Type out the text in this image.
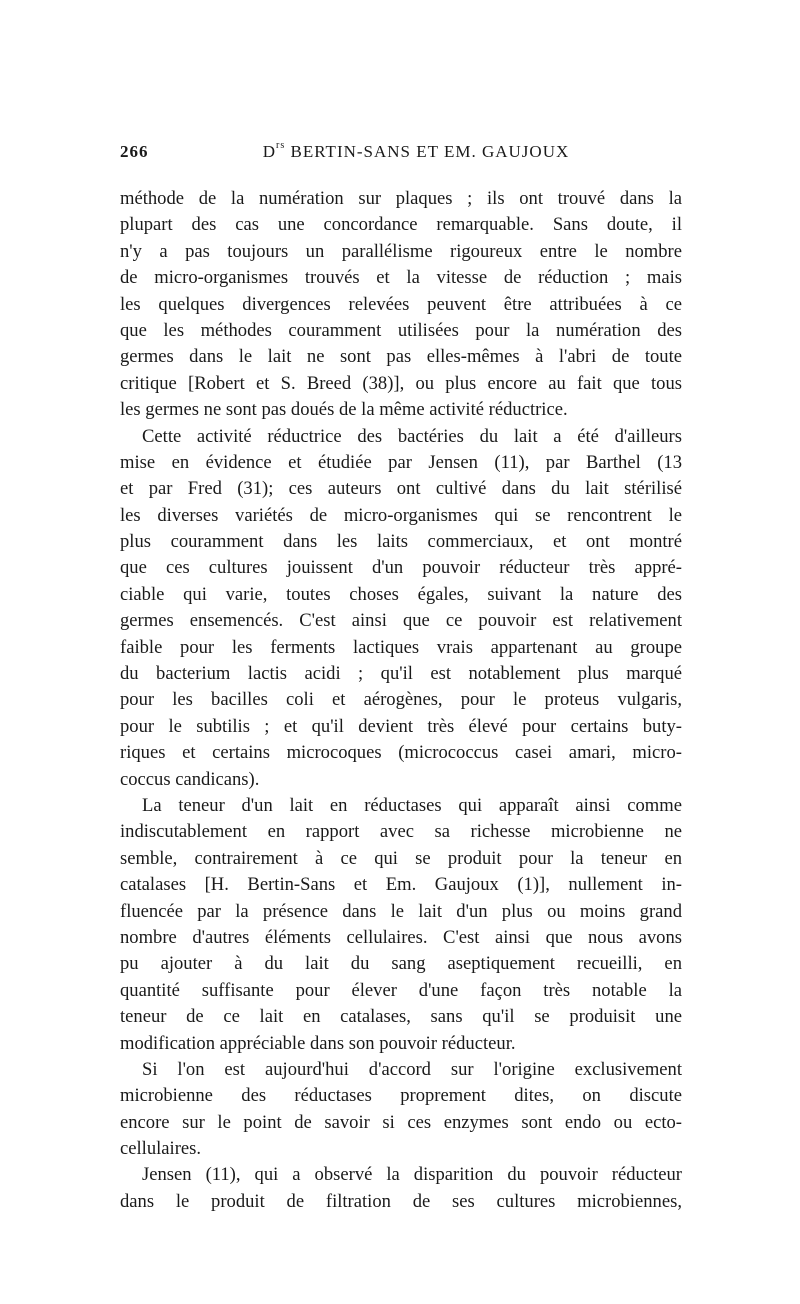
266	$D^{rs}$ BERTIN-SANS ET EM. GAUJOUX
méthode de la numération sur plaques ; ils ont trouvé dans la
plupart des cas une concordance remarquable. Sans doute, il
n'y a pas toujours un parallélisme rigoureux entre le nombre
de micro-organismes trouvés et la vitesse de réduction ; mais
les quelques divergences relevées peuvent être attribuées à ce
que les méthodes couramment utilisées pour la numération des
germes dans le lait ne sont pas elles-mêmes à l'abri de toute
critique [Robert et S. Breed (38)], ou plus encore au fait que tous
les germes ne sont pas doués de la même activité réductrice.
Cette activité réductrice des bactéries du lait a été d'ailleurs
mise en évidence et étudiée par Jensen (11), par Barthel (13
et par Fred (31); ces auteurs ont cultivé dans du lait stérilisé
les diverses variétés de micro-organismes qui se rencontrent le
plus couramment dans les laits commerciaux, et ont montré
que ces cultures jouissent d'un pouvoir réducteur très appré-
ciable qui varie, toutes choses égales, suivant la nature des
germes ensemencés. C'est ainsi que ce pouvoir est relativement
faible pour les ferments lactiques vrais appartenant au groupe
du bacterium lactis acidi ; qu'il est notablement plus marqué
pour les bacilles coli et aérogènes, pour le proteus vulgaris,
pour le subtilis ; et qu'il devient très élevé pour certains buty-
riques et certains microcoques (micrococcus casei amari, micro-
coccus candicans).
La teneur d'un lait en réductases qui apparaît ainsi comme
indiscutablement en rapport avec sa richesse microbienne ne
semble, contrairement à ce qui se produit pour la teneur en
catalases [H. Bertin-Sans et Em. Gaujoux (1)], nullement in-
fluencée par la présence dans le lait d'un plus ou moins grand
nombre d'autres éléments cellulaires. C'est ainsi que nous avons
pu ajouter à du lait du sang aseptiquement recueilli, en
quantité suffisante pour élever d'une façon très notable la
teneur de ce lait en catalases, sans qu'il se produisit une
modification appréciable dans son pouvoir réducteur.
Si l'on est aujourd'hui d'accord sur l'origine exclusivement
microbienne des réductases proprement dites, on discute
encore sur le point de savoir si ces enzymes sont endo ou ecto-
cellulaires.
Jensen (11), qui a observé la disparition du pouvoir réducteur
dans le produit de filtration de ses cultures microbiennes,
